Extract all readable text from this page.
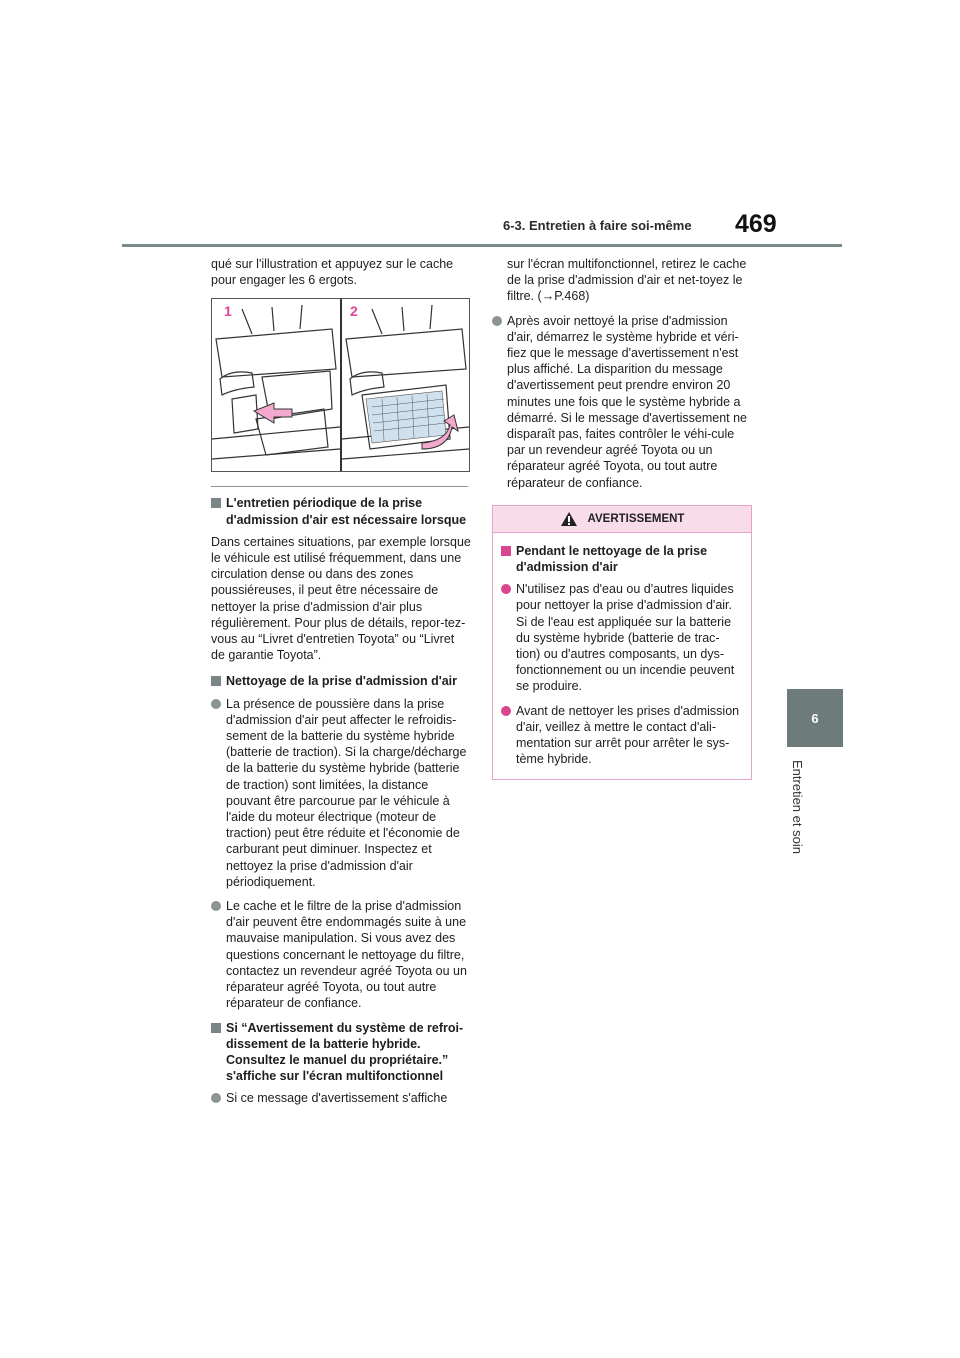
6-3. Entretien à faire soi-même 469
6
Entretien et soin

qué sur l'illustration et appuyez sur le cache pour engager les 6 ergots.

1	2
L'entretien périodique de la prise d'admission d'air est nécessaire lorsque

Dans certaines situations, par exemple lorsque le véhicule est utilisé fréquemment, dans une circulation dense ou dans des zones poussiéreuses, il peut être nécessaire de nettoyer la prise d'admission d'air plus régulièrement. Pour plus de détails, repor-tez-vous au “Livret d'entretien Toyota” ou “Livret de garantie Toyota”.

Nettoyage de la prise d'admission d'air
La présence de poussière dans la prise d'admission d'air peut affecter le refroidis-sement de la batterie du système hybride (batterie de traction). Si la charge/décharge de la batterie du système hybride (batterie de traction) sont limitées, la distance pouvant être parcourue par le véhicule à l'aide du moteur électrique (moteur de traction) peut être réduite et l'économie de carburant peut diminuer. Inspectez et nettoyez la prise d'admission d'air périodiquement.
Le cache et le filtre de la prise d'admission d'air peuvent être endommagés suite à une mauvaise manipulation. Si vous avez des questions concernant le nettoyage du filtre, contactez un revendeur agréé Toyota ou un réparateur agréé Toyota, ou tout autre réparateur de confiance.
Si “Avertissement du système de refroi-dissement de la batterie hybride. Consultez le manuel du propriétaire.” s'affiche sur l'écran multifonctionnel
Si ce message d'avertissement s'affiche

sur l'écran multifonctionnel, retirez le cache de la prise d'admission d'air et net-toyez le filtre. (→P.468)

Après avoir nettoyé la prise d'admission d'air, démarrez le système hybride et véri-fiez que le message d'avertissement n'est plus affiché. La disparition du message d'avertissement peut prendre environ 20 minutes une fois que le système hybride a démarré. Si le message d'avertissement ne disparaît pas, faites contrôler le véhi-cule par un revendeur agréé Toyota ou un réparateur agréé Toyota, ou tout autre réparateur de confiance.
AVERTISSEMENT
Pendant le nettoyage de la prise d'admission d'air
N'utilisez pas d'eau ou d'autres liquides pour nettoyer la prise d'admission d'air. Si de l'eau est appliquée sur la batterie du système hybride (batterie de trac-tion) ou d'autres composants, un dys-fonctionnement ou un incendie peuvent se produire.
Avant de nettoyer les prises d'admission d'air, veillez à mettre le contact d'ali-mentation sur arrêt pour arrêter le sys-tème hybride.
